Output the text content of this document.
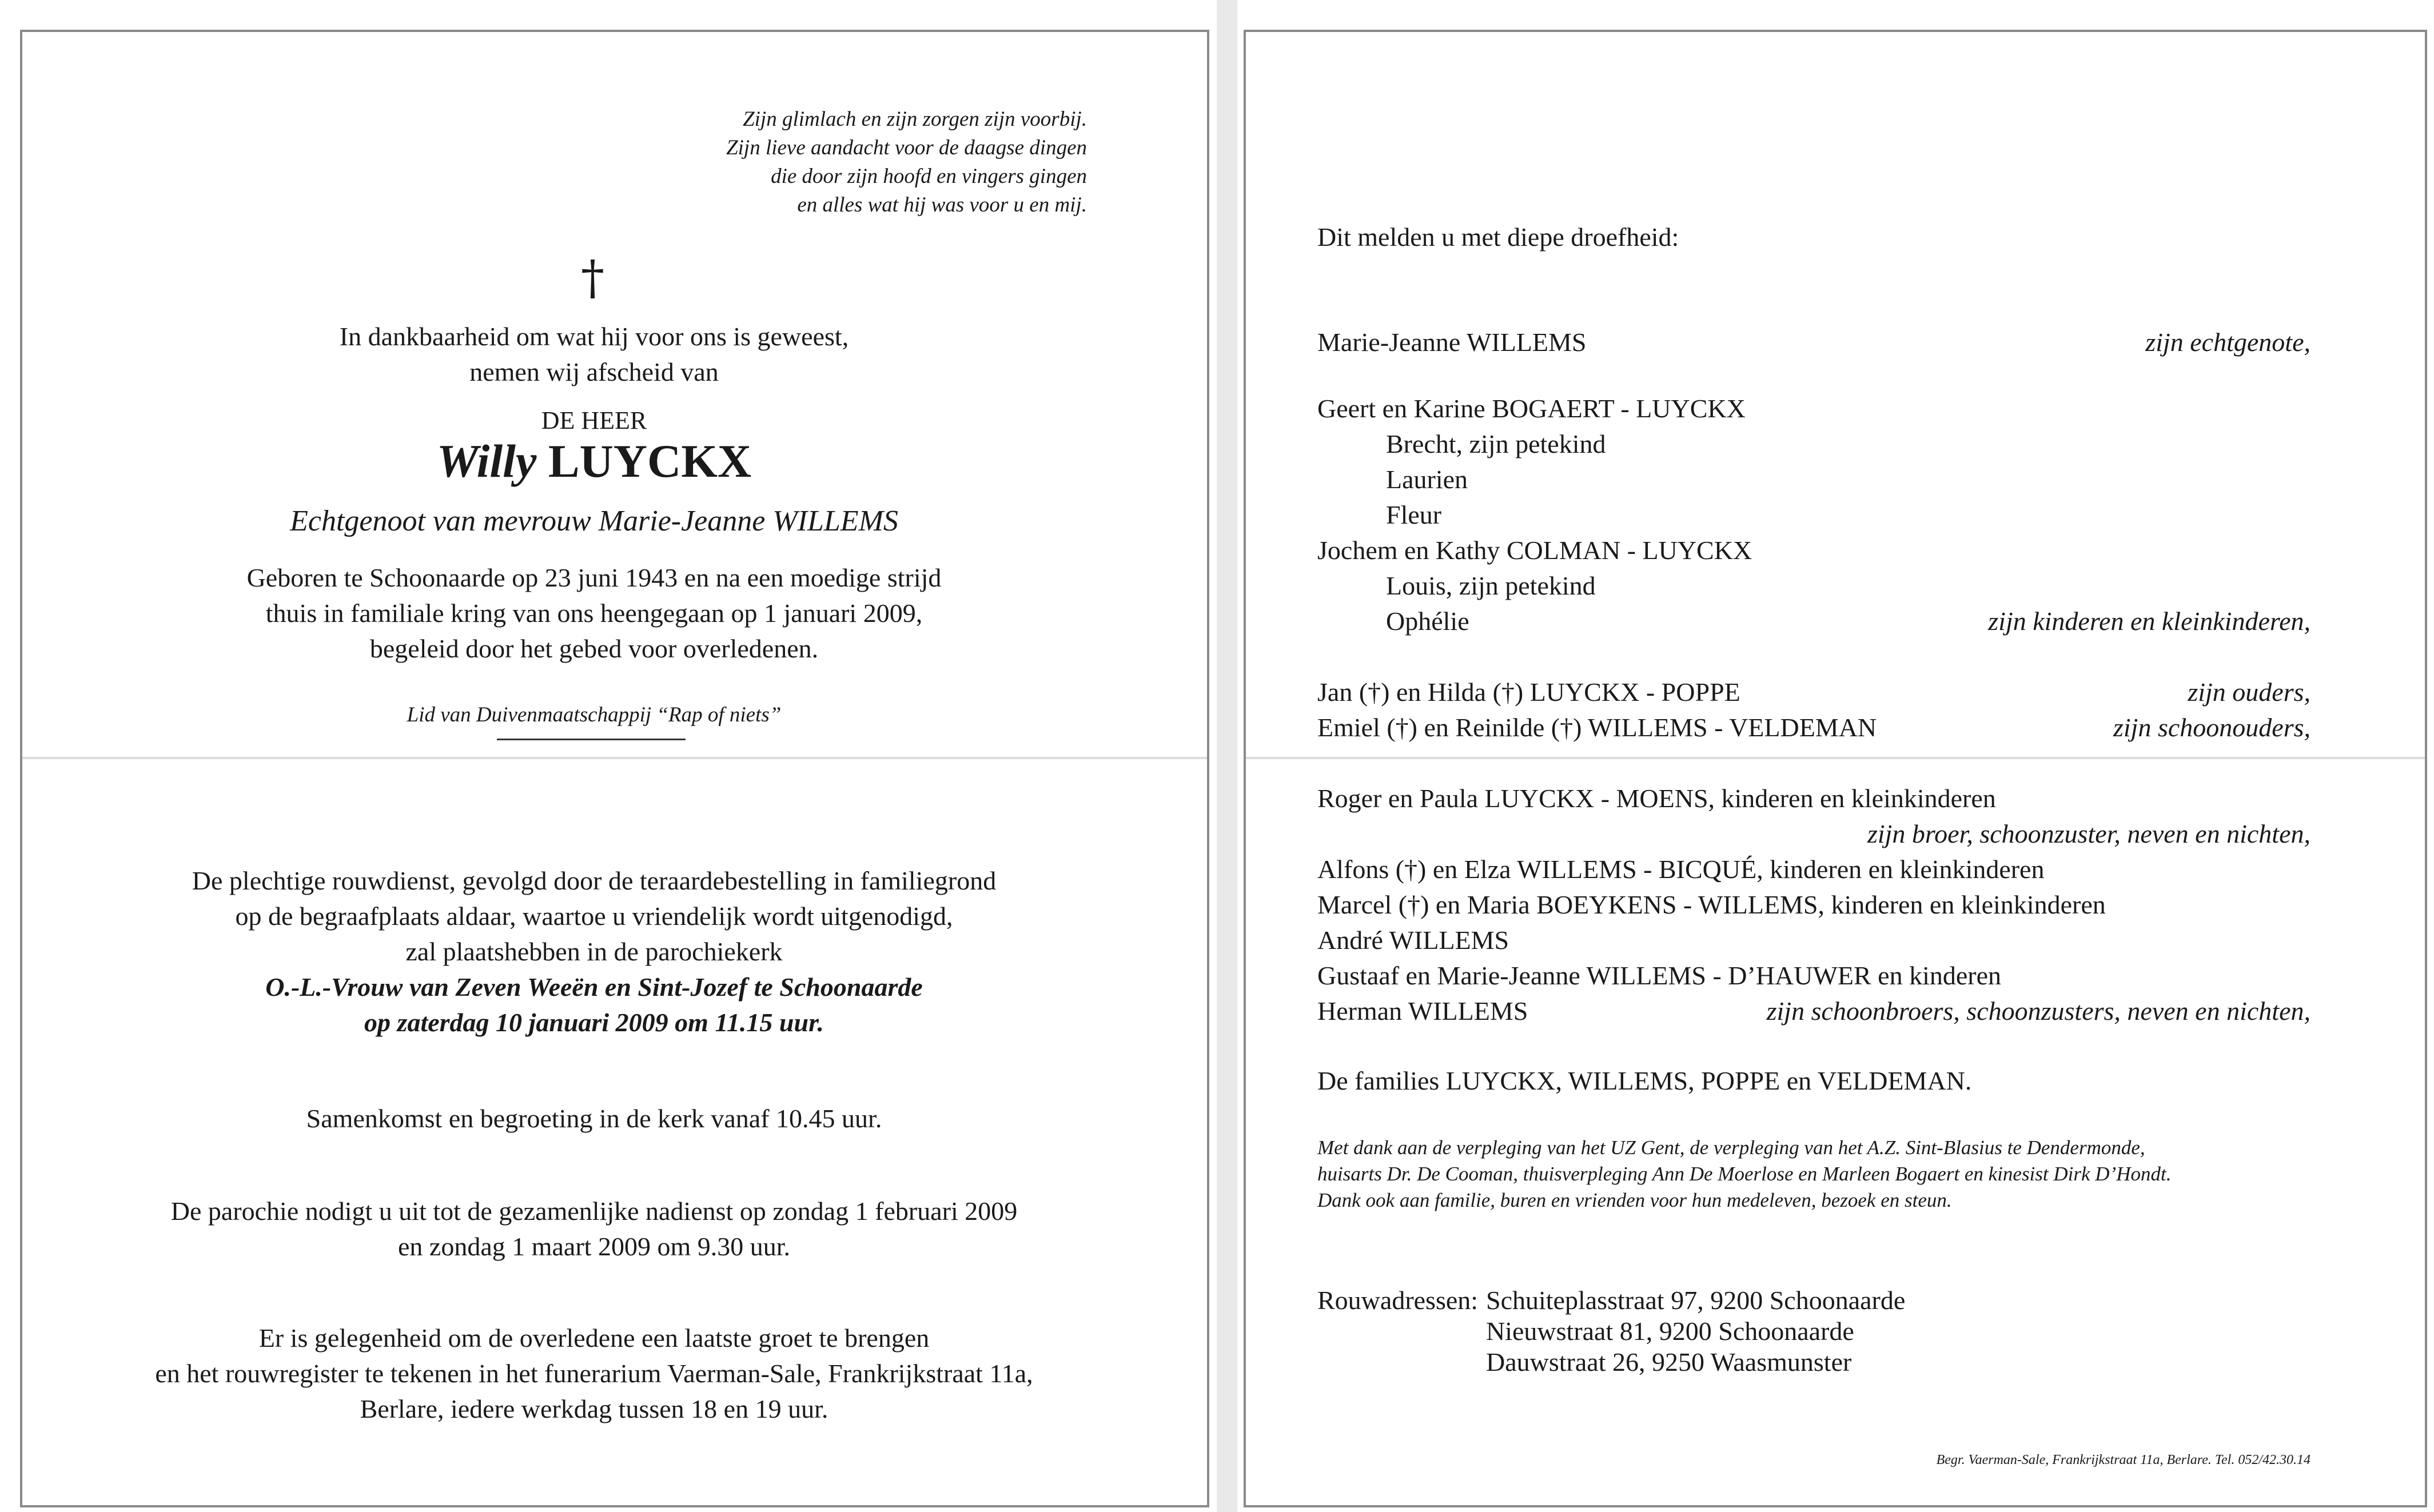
Zijn glimlach en zijn zorgen zijn voorbij.
Zijn lieve aandacht voor de daagse dingen
die door zijn hoofd en vingers gingen
en alles wat hij was voor u en mij.
†
In dankbaarheid om wat hij voor ons is geweest,
nemen wij afscheid van
DE HEER
Willy LUYCKX
Echtgenoot van mevrouw Marie-Jeanne WILLEMS
Geboren te Schoonaarde op 23 juni 1943 en na een moedige strijd
thuis in familiale kring van ons heengegaan op 1 januari 2009,
begeleid door het gebed voor overledenen.
Lid van Duivenmaatschappij “Rap of niets”
De plechtige rouwdienst, gevolgd door de teraardebestelling in familiegrond
op de begraafplaats aldaar, waartoe u vriendelijk wordt uitgenodigd,
zal plaatshebben in de parochiekerk
O.-L.-Vrouw van Zeven Weeën en Sint-Jozef te Schoonaarde
op zaterdag 10 januari 2009 om 11.15 uur.
Samenkomst en begroeting in de kerk vanaf 10.45 uur.
De parochie nodigt u uit tot de gezamenlijke nadienst op zondag 1 februari 2009
en zondag 1 maart 2009 om 9.30 uur.
Er is gelegenheid om de overledene een laatste groet te brengen
en het rouwregister te tekenen in het funerarium Vaerman-Sale, Frankrijkstraat 11a,
Berlare, iedere werkdag tussen 18 en 19 uur.
Dit melden u met diepe droefheid:
Marie-Jeanne WILLEMS	zijn echtgenote,
Geert en Karine BOGAERT - LUYCKX
Brecht, zijn petekind
Laurien
Fleur
Jochem en Kathy COLMAN - LUYCKX
Louis, zijn petekind
Ophélie	zijn kinderen en kleinkinderen,
Jan (†) en Hilda (†) LUYCKX - POPPE	zijn ouders,
Emiel (†) en Reinilde (†) WILLEMS - VELDEMAN	zijn schoonouders,
Roger en Paula LUYCKX - MOENS, kinderen en kleinkinderen
zijn broer, schoonzuster, neven en nichten,
Alfons (†) en Elza WILLEMS - BICQUÉ, kinderen en kleinkinderen
Marcel (†) en Maria BOEYKENS - WILLEMS, kinderen en kleinkinderen
André WILLEMS
Gustaaf en Marie-Jeanne WILLEMS - D’HAUWER en kinderen
Herman WILLEMS	zijn schoonbroers, schoonzusters, neven en nichten,
De families LUYCKX, WILLEMS, POPPE en VELDEMAN.
Met dank aan de verpleging van het UZ Gent, de verpleging van het A.Z. Sint-Blasius te Dendermonde,
huisarts Dr. De Cooman, thuisverpleging Ann De Moerlose en Marleen Bogaert en kinesist Dirk D’Hondt.
Dank ook aan familie, buren en vrienden voor hun medeleven, bezoek en steun.
Rouwadressen: Schuiteplasstraat 97, 9200 Schoonaarde
Nieuwstraat 81, 9200 Schoonaarde
Dauwstraat 26, 9250 Waasmunster
Begr. Vaerman-Sale, Frankrijkstraat 11a, Berlare. Tel. 052/42.30.14
